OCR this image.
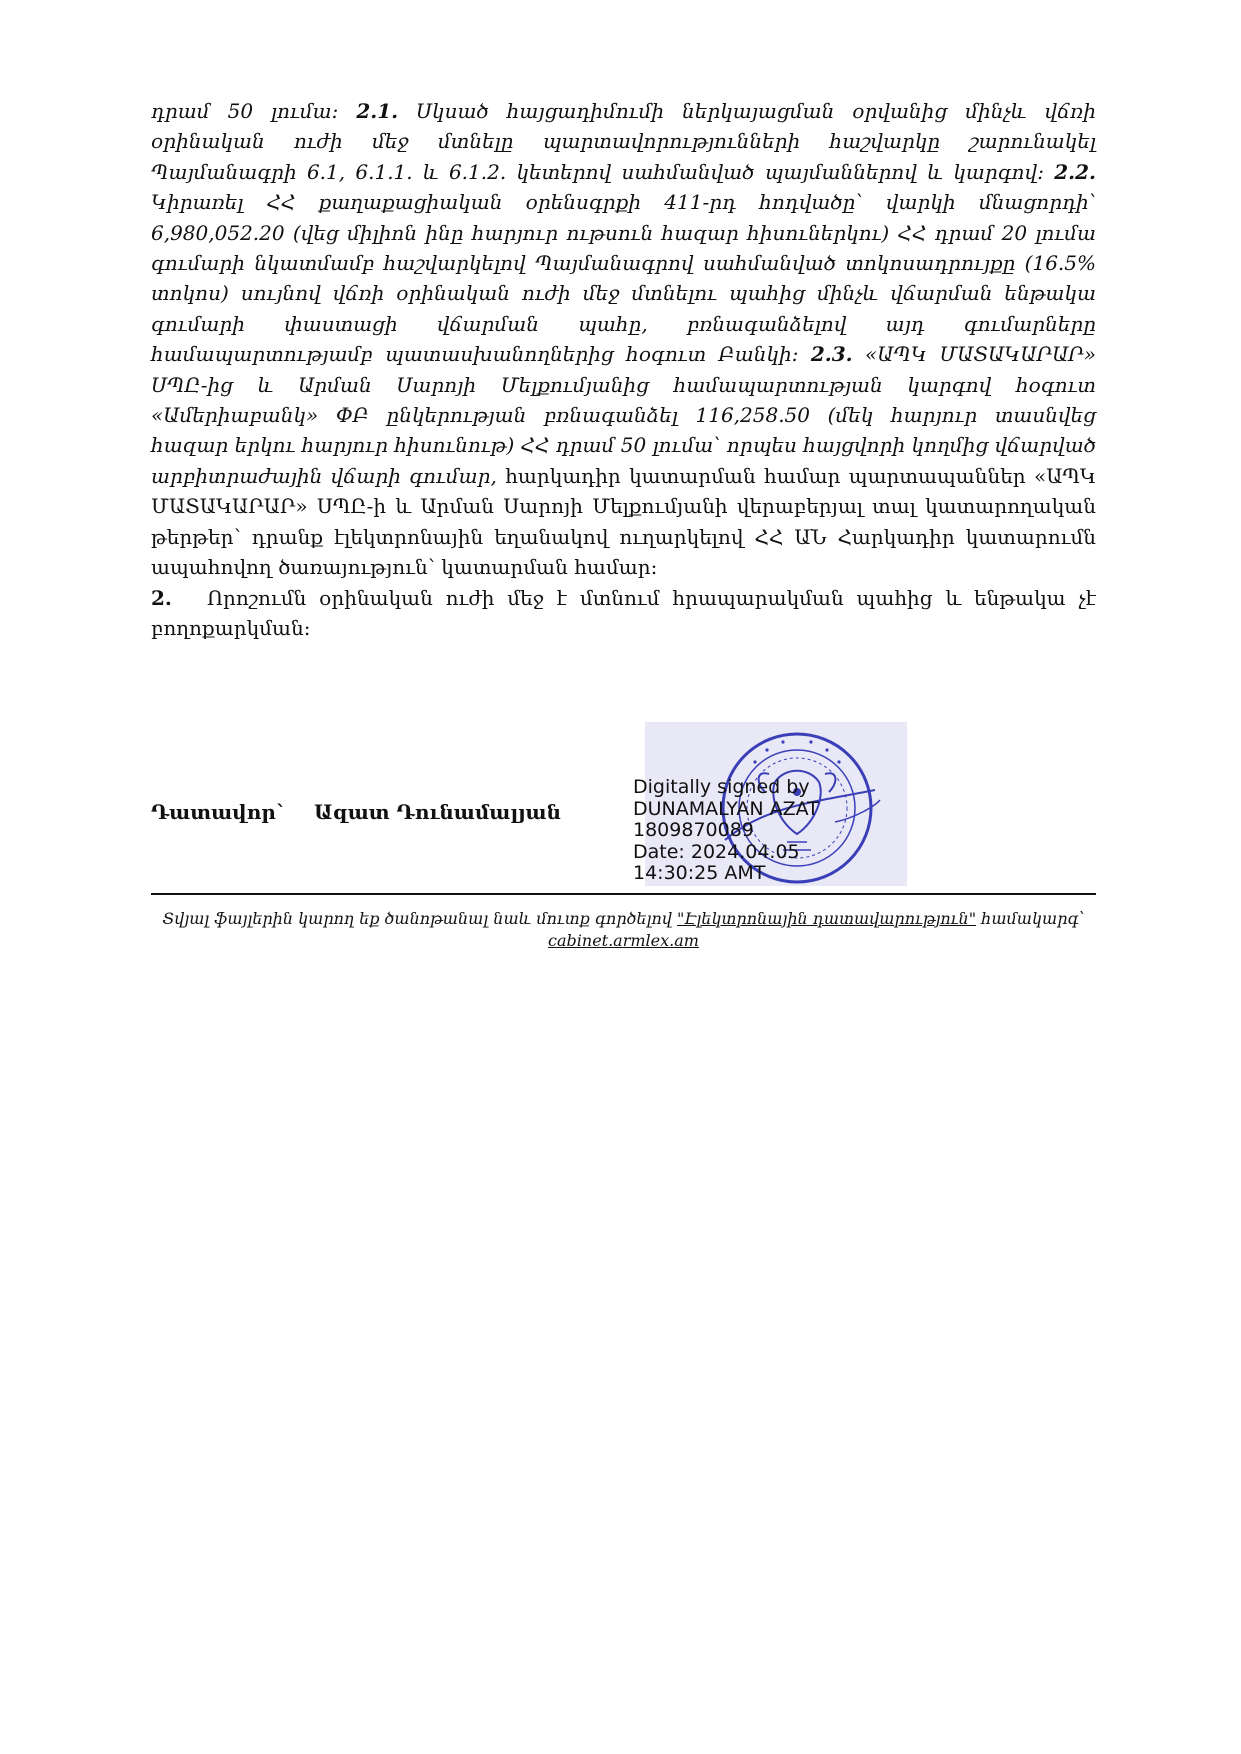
դրամ 50 լումա: 2.1. Սկսած հայցադիմումի ներկայացման օրվանից մինչև վճռի օրինական ուժի մեջ մտնելը պարտավորությունների հաշվարկը շարունակել Պայմանագրի 6.1, 6.1.1. և 6.1.2. կետերով սահմանված պայմաններով և կարգով: 2.2. Կիրառել ՀՀ քաղաքացիական օրենսգրքի 411-րդ հոդվածը՝ վարկի մնացորդի՝ 6,980,052.20 (վեց միլիոն ինը հարյուր ութսուն հազար հիսուներկու) ՀՀ դրամ 20 լումա գումարի նկատմամբ հաշվարկելով Պայմանագրով սահմանված տոկոսադրույքը (16.5% տոկոս) սույնով վճռի օրինական ուժի մեջ մտնելու պահից մինչև վճարման ենթակա գումարի փաստացի վճարման պահը, բռնագանձելով այդ գումարները համապարտությամբ պատասխանողներից հօգուտ Բանկի: 2.3. «ԱՊԿ ՄԱՏԱԿԱՐԱՐ» ՍՊԸ-ից և Արման Սարոյի Մելքումյանից համապարտության կարգով հօգուտ «Ամերիաբանկ» ՓԲ ընկերության բռնագանձել 116,258.50 (մեկ հարյուր տասնվեց հազար երկու հարյուր հիսունութ) ՀՀ դրամ 50 լումա՝ որպես հայցվորի կողմից վճարված արբիտրաժային վճարի գումար, հարկադիր կատարման համար պարտապաններ «ԱՊԿ ՄԱՏԱԿԱՐԱՐ» ՍՊԸ-ի և Արման Սարոյի Մելքումյանի վերաբերյալ տալ կատարողական թերթեր՝ դրանք էլեկտրոնային եղանակով ուղարկելով ՀՀ ԱՆ Հարկադիր կատարումն ապահովող ծառայություն՝ կատարման համար:

2. Որոշումն օրինական ուժի մեջ է մտնում հրապարակման պահից և ենթակա չէ բողոքարկման:

Դատավոր` Ազատ Դունամալյան
Digitally signed by
DUNAMALYAN AZAT
1809870089
Date: 2024.04.05
14:30:25 AMT
Տվյալ ֆայլերին կարող եք ծանոթանալ նաև մուտք գործելով "Էլեկտրոնային դատավարություն" համակարգ՝
cabinet.armlex.am
